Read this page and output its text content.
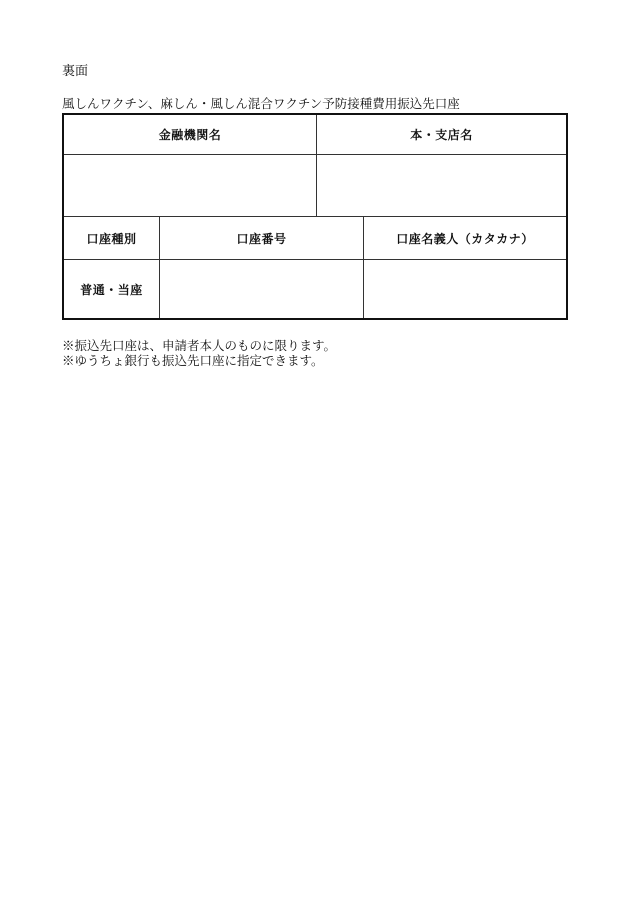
裏面
風しんワクチン、麻しん・風しん混合ワクチン予防接種費用振込先口座
金融機関名	本・支店名
口座種別	口座番号	口座名義人（カタカナ）
普通・当座
※振込先口座は、申請者本人のものに限ります。
※ゆうちょ銀行も振込先口座に指定できます。
